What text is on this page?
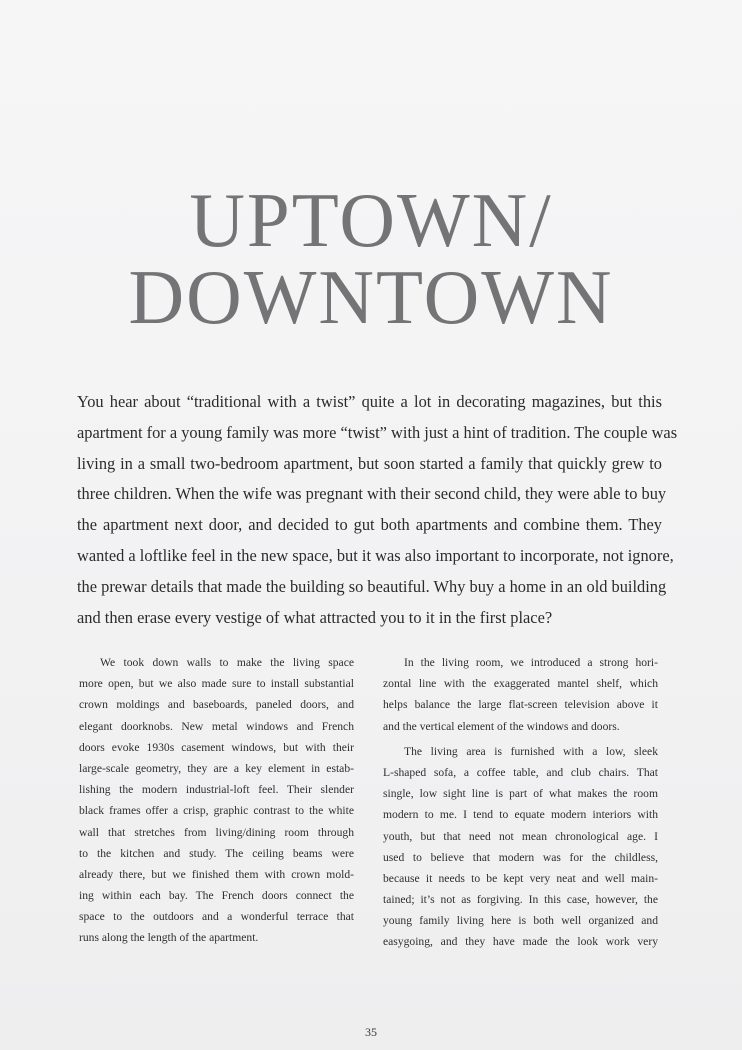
UPTOWN/
DOWNTOWN
You hear about “traditional with a twist” quite a lot in decorating magazines, but this
apartment for a young family was more “twist” with just a hint of tradition. The couple was
living in a small two-bedroom apartment, but soon started a family that quickly grew to
three children. When the wife was pregnant with their second child, they were able to buy
the apartment next door, and decided to gut both apartments and combine them. They
wanted a loftlike feel in the new space, but it was also important to incorporate, not ignore,
the prewar details that made the building so beautiful. Why buy a home in an old building
and then erase every vestige of what attracted you to it in the first place?
We took down walls to make the living space
more open, but we also made sure to install substantial
crown moldings and baseboards, paneled doors, and
elegant doorknobs. New metal windows and French
doors evoke 1930s casement windows, but with their
large-scale geometry, they are a key element in estab-
lishing the modern industrial-loft feel. Their slender
black frames offer a crisp, graphic contrast to the white
wall that stretches from living/dining room through
to the kitchen and study. The ceiling beams were
already there, but we finished them with crown mold-
ing within each bay. The French doors connect the
space to the outdoors and a wonderful terrace that
runs along the length of the apartment.
In the living room, we introduced a strong hori-
zontal line with the exaggerated mantel shelf, which
helps balance the large flat-screen television above it
and the vertical element of the windows and doors.
The living area is furnished with a low, sleek
L-shaped sofa, a coffee table, and club chairs. That
single, low sight line is part of what makes the room
modern to me. I tend to equate modern interiors with
youth, but that need not mean chronological age. I
used to believe that modern was for the childless,
because it needs to be kept very neat and well main-
tained; it’s not as forgiving. In this case, however, the
young family living here is both well organized and
easygoing, and they have made the look work very
35
